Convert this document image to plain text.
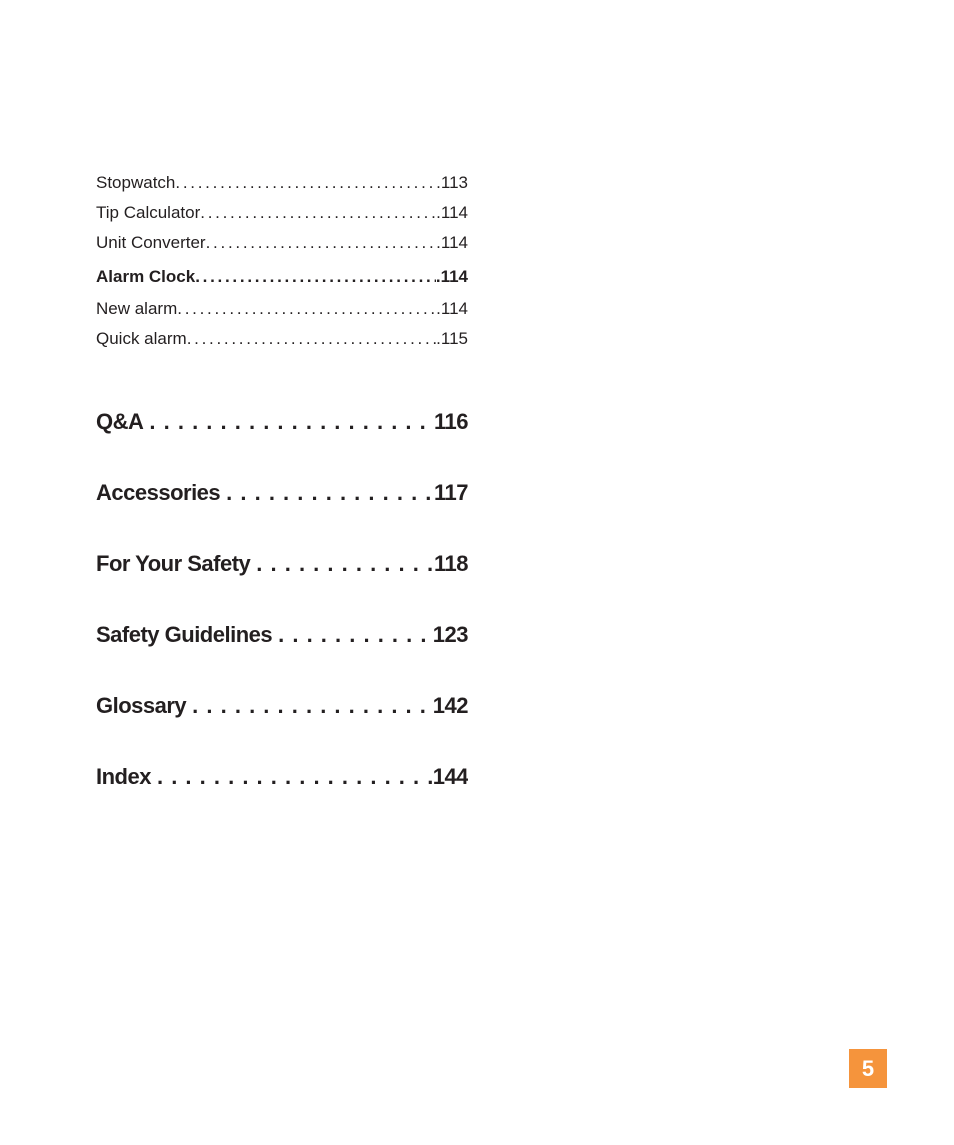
Stopwatch . . .	.113
Tip Calculator . . .	.114
Unit Converter . . .	.114
Alarm Clock . . .	.114
New alarm . . .	.114
Quick alarm . . .	.115
Q&A . . .	116
Accessories . . .	117
For Your Safety . . .	118
Safety Guidelines . . .	123
Glossary . . .	142
Index . . .	144
5
